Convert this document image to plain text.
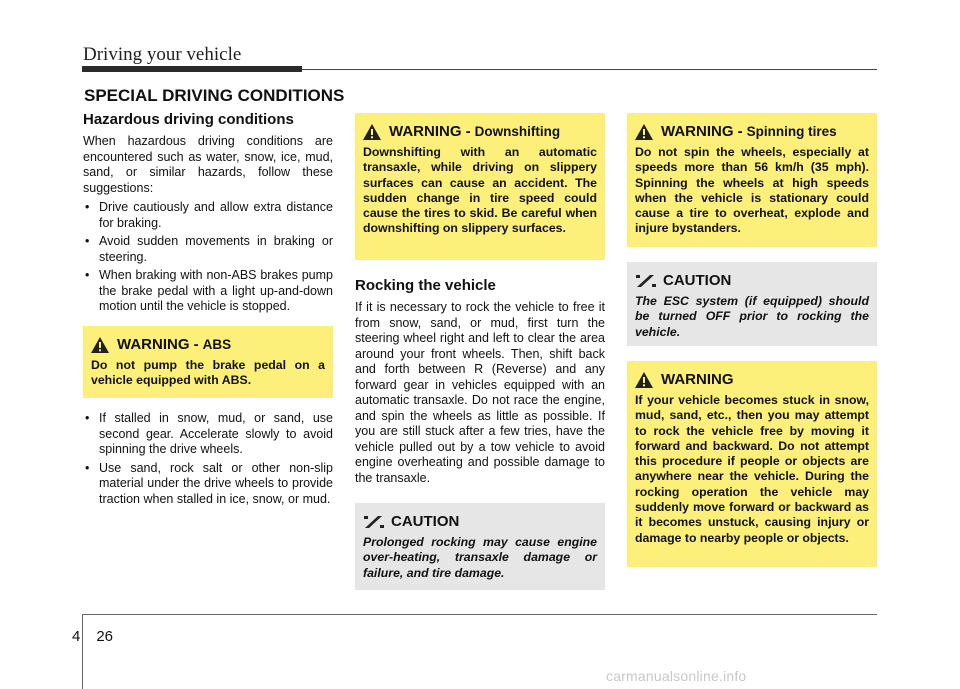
Driving your vehicle
SPECIAL DRIVING CONDITIONS
Hazardous driving conditions

When hazardous driving conditions are encountered such as water, snow, ice, mud, sand, or similar hazards, follow these suggestions:

• Drive cautiously and allow extra distance for braking.
• Avoid sudden movements in braking or steering.
• When braking with non-ABS brakes pump the brake pedal with a light up-and-down motion until the vehicle is stopped.
WARNING - ABS
Do not pump the brake pedal on a vehicle equipped with ABS.
• If stalled in snow, mud, or sand, use second gear. Accelerate slowly to avoid spinning the drive wheels.
• Use sand, rock salt or other non-slip material under the drive wheels to provide traction when stalled in ice, snow, or mud.
WARNING - Downshifting
Downshifting with an automatic transaxle, while driving on slippery surfaces can cause an accident. The sudden change in tire speed could cause the tires to skid. Be careful when downshifting on slippery surfaces.
Rocking the vehicle

If it is necessary to rock the vehicle to free it from snow, sand, or mud, first turn the steering wheel right and left to clear the area around your front wheels. Then, shift back and forth between R (Reverse) and any forward gear in vehicles equipped with an automatic transaxle. Do not race the engine, and spin the wheels as little as possible. If you are still stuck after a few tries, have the vehicle pulled out by a tow vehicle to avoid engine overheating and possible damage to the transaxle.

CAUTION
Prolonged rocking may cause engine over-heating, transaxle damage or failure, and tire damage.
WARNING - Spinning tires
Do not spin the wheels, especially at speeds more than 56 km/h (35 mph). Spinning the wheels at high speeds when the vehicle is stationary could cause a tire to overheat, explode and injure bystanders.
CAUTION
The ESC system (if equipped) should be turned OFF prior to rocking the vehicle.
WARNING
If your vehicle becomes stuck in snow, mud, sand, etc., then you may attempt to rock the vehicle free by moving it forward and backward. Do not attempt this procedure if people or objects are anywhere near the vehicle. During the rocking operation the vehicle may suddenly move forward or backward as it becomes unstuck, causing injury or damage to nearby people or objects.
4 26
carmanualsonline.info
